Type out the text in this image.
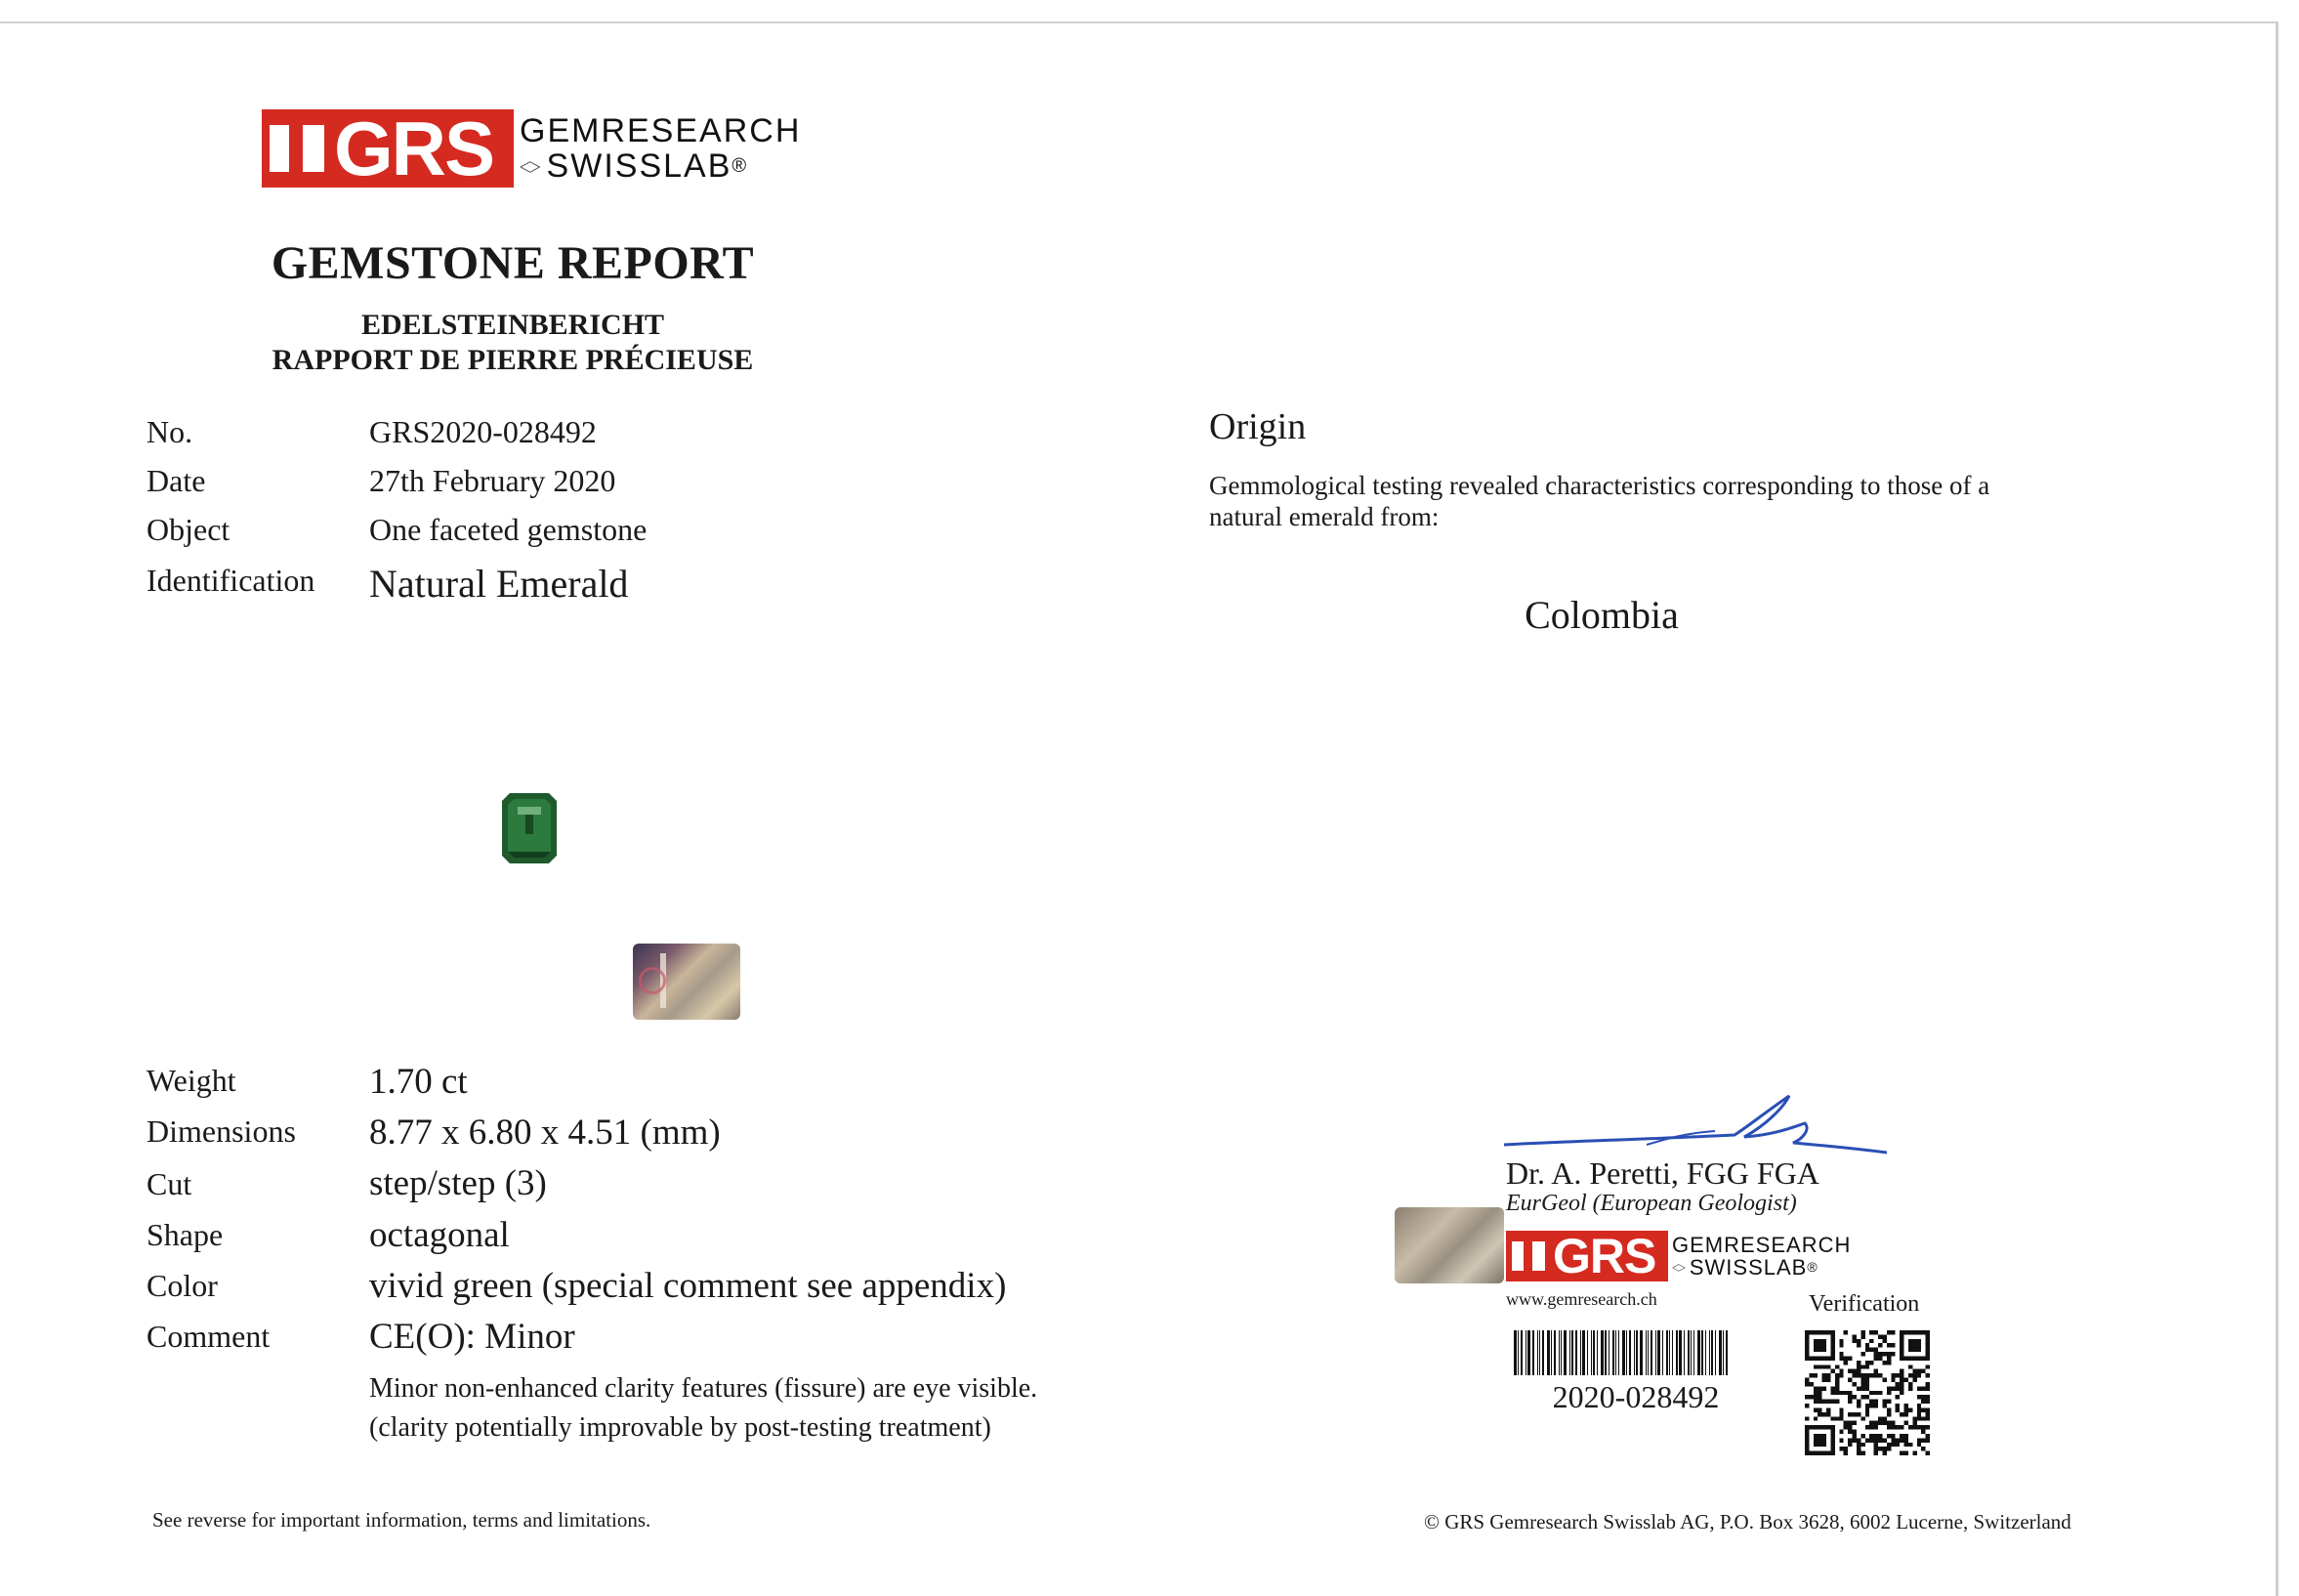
GRS GEMRESEARCH
◇ SWISSLAB ®
GEMSTONE REPORT
EDELSTEINBERICHT
RAPPORT DE PIERRE PRÉCIEUSE
No.	GRS2020-028492
Date	27th February 2020
Object	One faceted gemstone
Identification Natural Emerald
Weight	1.70 ct
Dimensions 8.77 x 6.80 x 4.51 (mm)
Cut	step/step (3)
Shape	octagonal
Color	vivid green (special comment see appendix)
Comment	CE(O): Minor
Minor non-enhanced clarity features (fissure) are eye visible.
(clarity potentially improvable by post-testing treatment)
Origin
Gemmological testing revealed characteristics corresponding to those of a natural emerald from:
Colombia
Dr. A. Peretti, FGG FGA
EurGeol (European Geologist)
GRS GEMRESEARCH
◇ SWISSLAB ®
www.gemresearch.ch	Verification
2020-028492
See reverse for important information, terms and limitations.	© GRS Gemresearch Swisslab AG, P.O. Box 3628, 6002 Lucerne, Switzerland
